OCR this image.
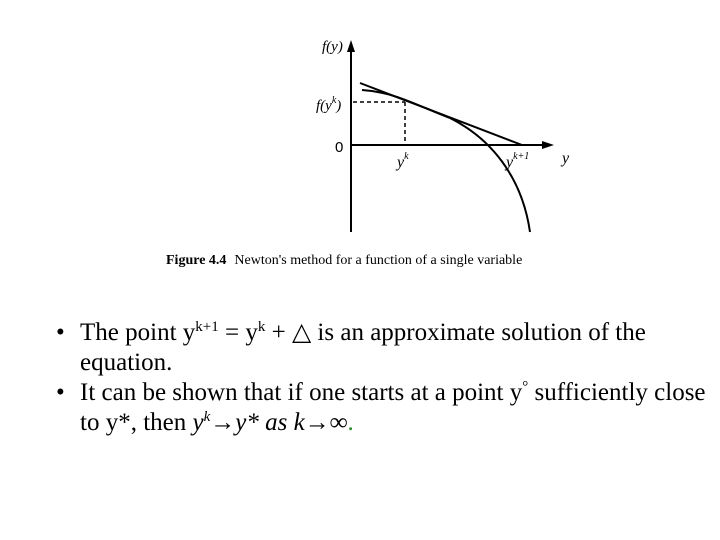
f(y)
$f(y^k)$
0
$y^k$	$y^{k+1}$ y
Figure 4.4 Newton's method for a function of a single variable
• The point $y^{k+1} = y^k$ + △ is an approximate solution of the equation.
• It can be shown that if one starts at a point y° sufficiently close to y*, then $y^k\to y*$ as k→∞.
